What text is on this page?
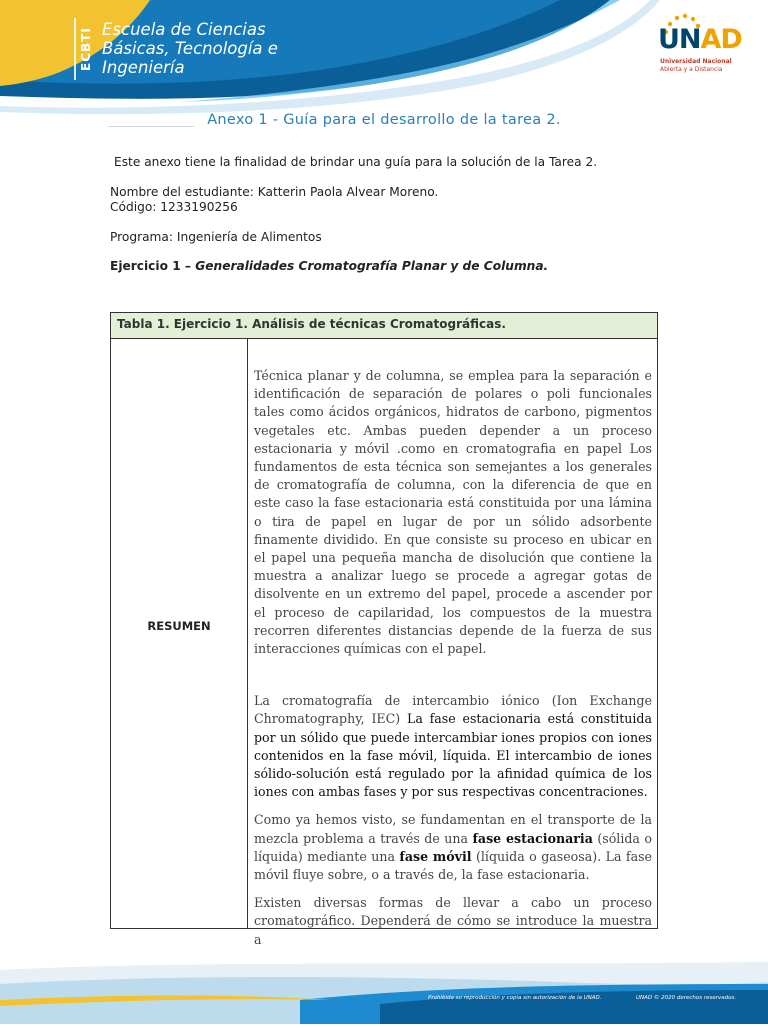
ECBTI Escuela de Ciencias
Básicas, Tecnología e
Ingeniería
UNAD
Universidad Nacional
Abierta y a Distancia
Anexo 1 - Guía para el desarrollo de la tarea 2.
Este anexo tiene la finalidad de brindar una guía para la solución de la Tarea 2.
Nombre del estudiante: Katterin Paola Alvear Moreno.
Código: 1233190256
Programa: Ingeniería de Alimentos
Ejercicio 1 – Generalidades Cromatografía Planar y de Columna.
Tabla 1. Ejercicio 1. Análisis de técnicas Cromatográficas.
RESUMEN

Técnica planar y de columna, se emplea para la separación e identificación de separación de polares o poli funcionales tales como ácidos orgánicos, hidratos de carbono, pigmentos vegetales etc. Ambas pueden depender a un proceso estacionaria y móvil .como en cromatografia en papel Los fundamentos de esta técnica son semejantes a los generales de cromatografía de columna, con la diferencia de que en este caso la fase estacionaria está constituida por una lámina o tira de papel en lugar de por un sólido adsorbente finamente dividido. En que consiste su proceso en ubicar en el papel una pequeña mancha de disolución que contiene la muestra a analizar luego se procede a agregar gotas de disolvente en un extremo del papel, procede a ascender por el proceso de capilaridad, los compuestos de la muestra recorren diferentes distancias depende de la fuerza de sus interacciones químicas con el papel.

La cromatografía de intercambio iónico (Ion Exchange Chromatography, IEC) La fase estacionaria está constituida por un sólido que puede intercambiar iones propios con iones contenidos en la fase móvil, líquida. El intercambio de iones sólido-solución está regulado por la afinidad química de los iones con ambas fases y por sus respectivas concentraciones.

Como ya hemos visto, se fundamentan en el transporte de la mezcla problema a través de una fase estacionaria (sólida o líquida) mediante una fase móvil (líquida o gaseosa). La fase móvil fluye sobre, o a través de, la fase estacionaria.

Existen diversas formas de llevar a cabo un proceso cromatográfico. Dependerá de cómo se introduce la muestra a

Prohibida su reproducción y copia sin autorización de la UNAD.	UNAD © 2020 derechos reservados.
